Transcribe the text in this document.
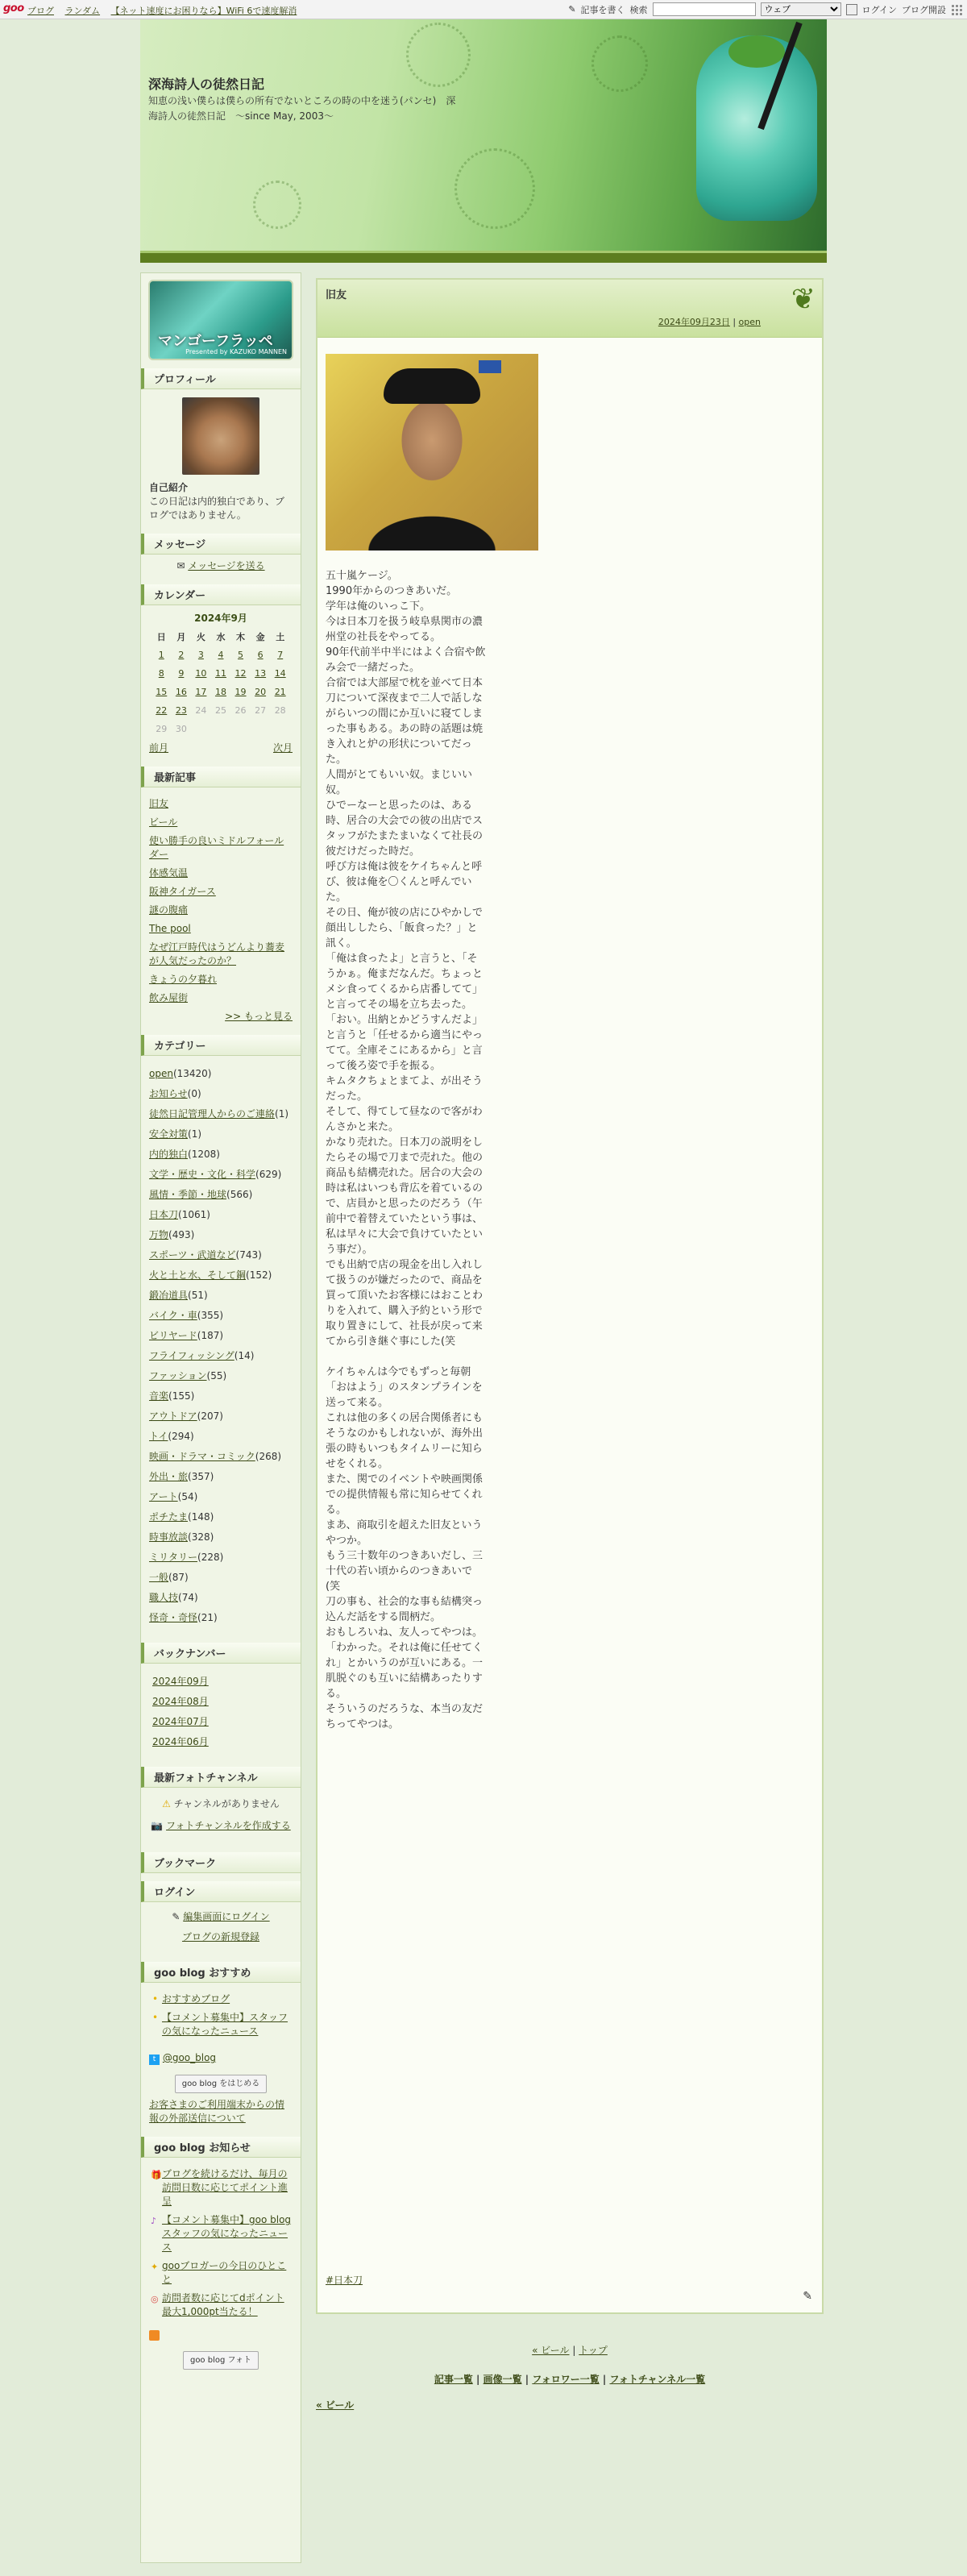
goo ブログ ランダム 【ネット速度にお困りなら】WiFi 6で速度解消	✎ 記事を書く 検索
ウェブ	ログイン ブログ開設
深海詩人の徒然日記
知恵の浅い僕らは僕らの所有でないところの時の中を迷う(パンセ)　深海詩人の徒然日記　〜since May, 2003〜
マンゴーフラッペ
Presented by KAZUKO MANNEN
プロフィール
自己紹介
この日記は内的独白であり、ブログではありません。
メッセージ
✉ メッセージを送る
カレンダー
2024年9月
日	月	火	水	木	金	土
1	2	3	4	5	6	7
8	9	10	11	12	13	14
15	16	17	18	19	20	21
22	23	24	25	26	27	28
29	30					
前月	次月
最新記事
旧友
ビール
使い勝手の良いミドルフォールダー
体感気温
阪神タイガース
謎の腹痛
The pool
なぜ江戸時代はうどんより蕎麦が人気だったのか？
きょうの夕暮れ
飲み屋街
>> もっと見る
カテゴリー
open(13420)
お知らせ(0)
徒然日記管理人からのご連絡(1)
安全対策(1)
内的独白(1208)
文学・歴史・文化・科学(629)
風情・季節・地球(566)
日本刀(1061)
万物(493)
スポーツ・武道など(743)
火と土と水、そして鋼(152)
鍛冶道具(51)
バイク・車(355)
ビリヤード(187)
フライフィッシング(14)
ファッション(55)
音楽(155)
アウトドア(207)
トイ(294)
映画・ドラマ・コミック(268)
外出・旅(357)
アート(54)
ポチたま(148)
時事放談(328)
ミリタリー(228)
一般(87)
職人技(74)
怪奇・奇怪(21)
バックナンバー
2024年09月
2024年08月
2024年07月
2024年06月
最新フォトチャンネル
⚠ チャンネルがありません
📷 フォトチャンネルを作成する
ブックマーク
ログイン
✎ 編集画面にログイン
ブログの新規登録
goo blog おすすめ
• おすすめブログ
• 【コメント募集中】スタッフの気になったニュース
t @goo_blog
goo blog をはじめる
お客さまのご利用端末からの情報の外部送信について
goo blog お知らせ
🎁 ブログを続けるだけ、毎月の訪問日数に応じてポイント進呈
♪ 【コメント募集中】goo blogスタッフの気になったニュース
✦ gooブロガーの今日のひとこと
◎ 訪問者数に応じてdポイント最大1,000pt当たる！
goo blog フォト
旧友
2024年09月23日 | open
❦
五十嵐ケージ。
1990年からのつきあいだ。
学年は俺のいっこ下。
今は日本刀を扱う岐阜県関市の濃州堂の社長をやってる。
90年代前半中半にはよく合宿や飲み会で一緒だった。
合宿では大部屋で枕を並べて日本刀について深夜まで二人で話しながらいつの間にか互いに寝てしまった事もある。あの時の話題は焼き入れと炉の形状についてだった。
人間がとてもいい奴。まじいい奴。
ひでーなーと思ったのは、ある時、居合の大会での彼の出店でスタッフがたまたまいなくて社長の彼だけだった時だ。
呼び方は俺は彼をケイちゃんと呼び、彼は俺を〇くんと呼んでいた。
その日、俺が彼の店にひやかしで顔出ししたら、「飯食った？」と訊く。
「俺は食ったよ」と言うと、「そうかぁ。俺まだなんだ。ちょっとメシ食ってくるから店番してて」と言ってその場を立ち去った。
「おい。出納とかどうすんだよ」と言うと「任せるから適当にやってて。全庫そこにあるから」と言って後ろ姿で手を振る。
キムタクちょとまてよ、が出そうだった。
そして、得てして昼なので客がわんさかと来た。
かなり売れた。日本刀の説明をしたらその場で刀まで売れた。他の商品も結構売れた。居合の大会の時は私はいつも背広を着ているので、店員かと思ったのだろう（午前中で着替えていたという事は、私は早々に大会で負けていたという事だ）。
でも出納で店の現金を出し入れして扱うのが嫌だったので、商品を買って頂いたお客様にはおことわりを入れて、購入予約という形で取り置きにして、社長が戻って来てから引き継ぐ事にした(笑

ケイちゃんは今でもずっと毎朝「おはよう」のスタンプラインを送って来る。
これは他の多くの居合関係者にもそうなのかもしれないが、海外出張の時もいつもタイムリーに知らせをくれる。
また、関でのイベントや映画関係での提供情報も常に知らせてくれる。
まあ、商取引を超えた旧友というやつか。
もう三十数年のつきあいだし、三十代の若い頃からのつきあいで(笑
刀の事も、社会的な事も結構突っ込んだ話をする間柄だ。
おもしろいね、友人ってやつは。
「わかった。それは俺に任せてくれ」とかいうのが互いにある。一肌脱ぐのも互いに結構あったりする。
そういうのだろうな、本当の友だちってやつは。
#日本刀
✎
« ビール | トップ
記事一覧 | 画像一覧 | フォロワー一覧 | フォトチャンネル一覧
« ビール
